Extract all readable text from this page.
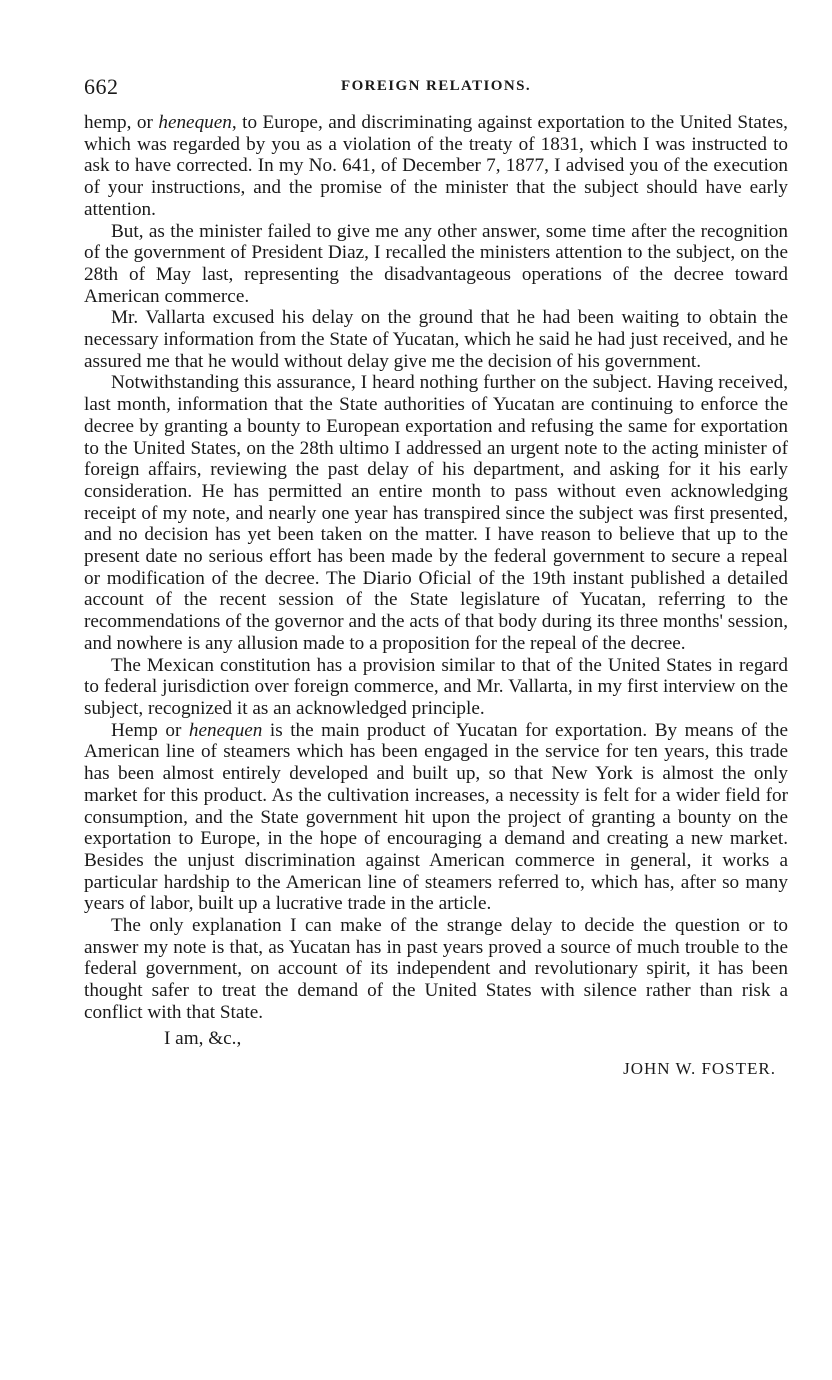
662	FOREIGN RELATIONS.

hemp, or henequen, to Europe, and discriminating against exportation to the United States, which was regarded by you as a violation of the treaty of 1831, which I was instructed to ask to have corrected. In my No. 641, of December 7, 1877, I advised you of the execution of your instructions, and the promise of the minister that the subject should have early attention.

But, as the minister failed to give me any other answer, some time after the recognition of the government of President Diaz, I recalled the ministers attention to the subject, on the 28th of May last, representing the disadvantageous operations of the decree toward American commerce.

Mr. Vallarta excused his delay on the ground that he had been waiting to obtain the necessary information from the State of Yucatan, which he said he had just received, and he assured me that he would without delay give me the decision of his government.

Notwithstanding this assurance, I heard nothing further on the subject. Having received, last month, information that the State authorities of Yucatan are continuing to enforce the decree by granting a bounty to European exportation and refusing the same for exportation to the United States, on the 28th ultimo I addressed an urgent note to the acting minister of foreign affairs, reviewing the past delay of his department, and asking for it his early consideration. He has permitted an entire month to pass without even acknowledging receipt of my note, and nearly one year has transpired since the subject was first presented, and no decision has yet been taken on the matter. I have reason to believe that up to the present date no serious effort has been made by the federal government to secure a repeal or modification of the decree. The Diario Oficial of the 19th instant published a detailed account of the recent session of the State legislature of Yucatan, referring to the recommendations of the governor and the acts of that body during its three months' session, and nowhere is any allusion made to a proposition for the repeal of the decree.

The Mexican constitution has a provision similar to that of the United States in regard to federal jurisdiction over foreign commerce, and Mr. Vallarta, in my first interview on the subject, recognized it as an acknowledged principle.

Hemp or henequen is the main product of Yucatan for exportation. By means of the American line of steamers which has been engaged in the service for ten years, this trade has been almost entirely developed and built up, so that New York is almost the only market for this product. As the cultivation increases, a necessity is felt for a wider field for consumption, and the State government hit upon the project of granting a bounty on the exportation to Europe, in the hope of encouraging a demand and creating a new market. Besides the unjust discrimination against American commerce in general, it works a particular hardship to the American line of steamers referred to, which has, after so many years of labor, built up a lucrative trade in the article.

The only explanation I can make of the strange delay to decide the question or to answer my note is that, as Yucatan has in past years proved a source of much trouble to the federal government, on account of its independent and revolutionary spirit, it has been thought safer to treat the demand of the United States with silence rather than risk a conflict with that State.

I am, &c.,
JOHN W. FOSTER.
